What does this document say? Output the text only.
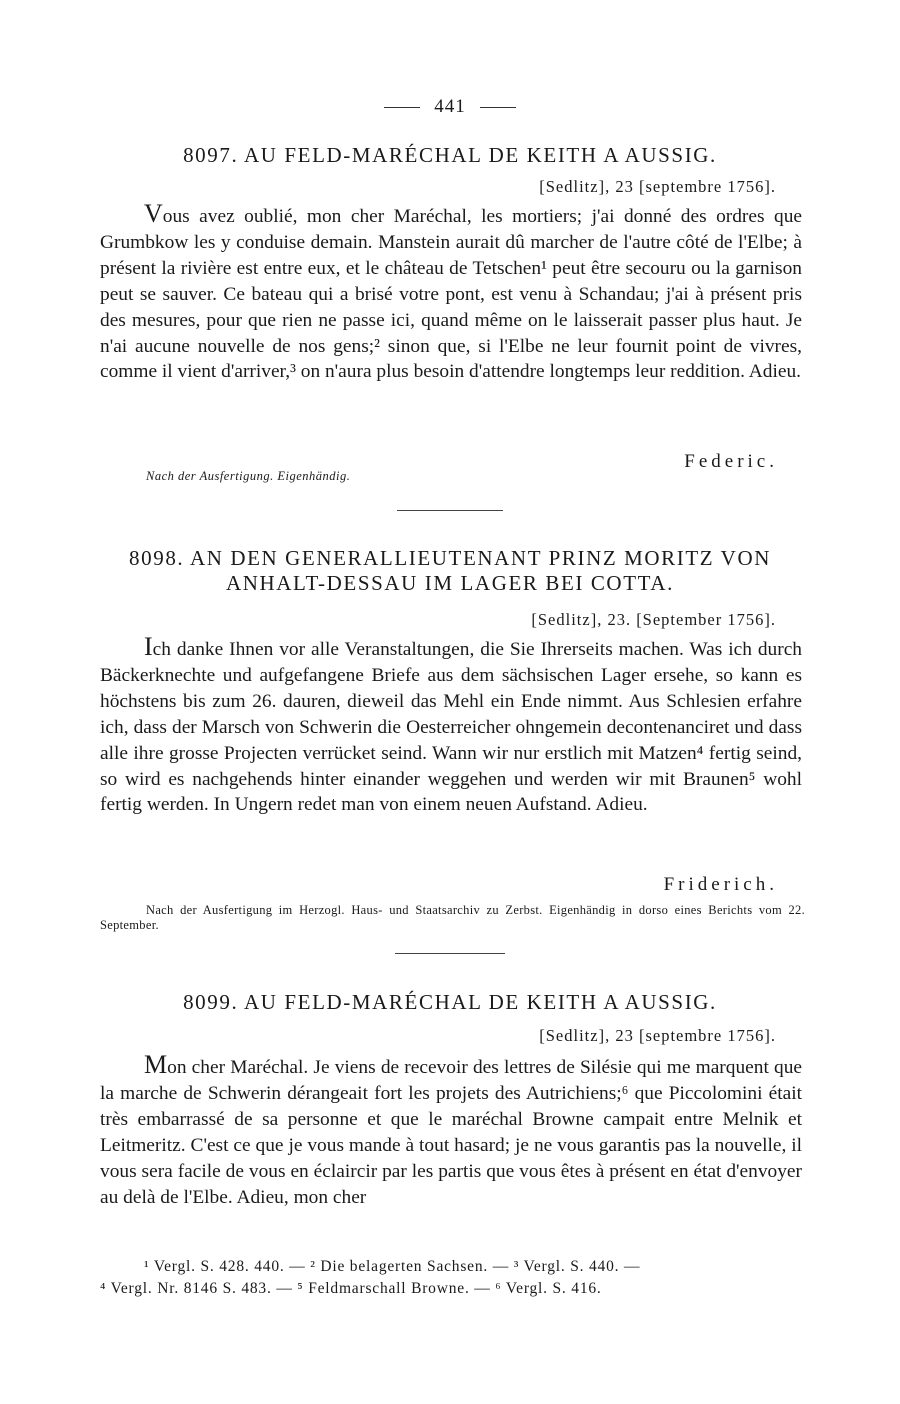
441
8097. AU FELD-MARÉCHAL DE KEITH A AUSSIG.
[Sedlitz], 23 [septembre 1756].
Vous avez oublié, mon cher Maréchal, les mortiers; j'ai donné des ordres que Grumbkow les y conduise demain. Manstein aurait dû marcher de l'autre côté de l'Elbe; à présent la rivière est entre eux, et le château de Tetschen¹ peut être secouru ou la garnison peut se sauver. Ce bateau qui a brisé votre pont, est venu à Schandau; j'ai à présent pris des mesures, pour que rien ne passe ici, quand même on le laisserait passer plus haut. Je n'ai aucune nouvelle de nos gens;² sinon que, si l'Elbe ne leur fournit point de vivres, comme il vient d'arriver,³ on n'aura plus besoin d'attendre longtemps leur reddition. Adieu.
Federic.
Nach der Ausfertigung. Eigenhändig.
8098. AN DEN GENERALLIEUTENANT PRINZ MORITZ VON
ANHALT-DESSAU IM LAGER BEI COTTA.
[Sedlitz], 23. [September 1756].
Ich danke Ihnen vor alle Veranstaltungen, die Sie Ihrerseits machen. Was ich durch Bäckerknechte und aufgefangene Briefe aus dem sächsischen Lager ersehe, so kann es höchstens bis zum 26. dauren, dieweil das Mehl ein Ende nimmt. Aus Schlesien erfahre ich, dass der Marsch von Schwerin die Oesterreicher ohngemein decontenanciret und dass alle ihre grosse Projecten verrücket seind. Wann wir nur erstlich mit Matzen⁴ fertig seind, so wird es nachgehends hinter einander weggehen und werden wir mit Braunen⁵ wohl fertig werden. In Ungern redet man von einem neuen Aufstand. Adieu.
Friderich.
Nach der Ausfertigung im Herzogl. Haus- und Staatsarchiv zu Zerbst. Eigenhändig in dorso eines Berichts vom 22. September.
8099. AU FELD-MARÉCHAL DE KEITH A AUSSIG.
[Sedlitz], 23 [septembre 1756].
Mon cher Maréchal. Je viens de recevoir des lettres de Silésie qui me marquent que la marche de Schwerin dérangeait fort les projets des Autrichiens;⁶ que Piccolomini était très embarrassé de sa personne et que le maréchal Browne campait entre Melnik et Leitmeritz. C'est ce que je vous mande à tout hasard; je ne vous garantis pas la nouvelle, il vous sera facile de vous en éclaircir par les partis que vous êtes à présent en état d'envoyer au delà de l'Elbe. Adieu, mon cher
¹ Vergl. S. 428. 440. — ² Die belagerten Sachsen. — ³ Vergl. S. 440. —
⁴ Vergl. Nr. 8146 S. 483. — ⁵ Feldmarschall Browne. — ⁶ Vergl. S. 416.
